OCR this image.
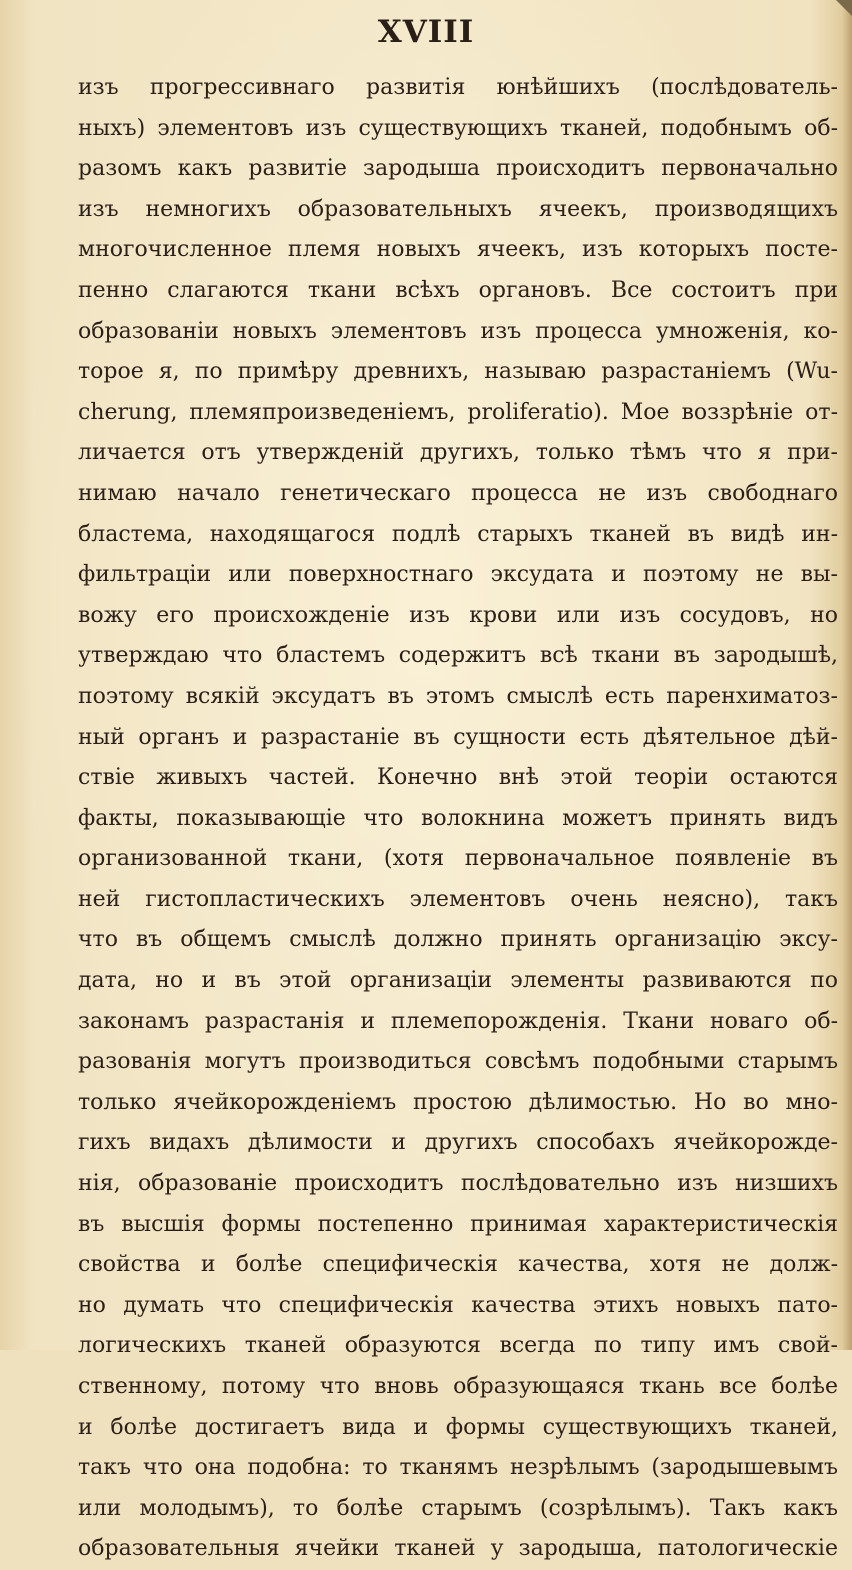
XVIII
изъ прогрессивнаго развитія юнѣйшихъ (послѣдователь-
ныхъ) элементовъ изъ существующихъ тканей, подобнымъ об-
разомъ какъ развитіе зародыша происходитъ первоначально
изъ немногихъ образовательныхъ ячеекъ, производящихъ
многочисленное племя новыхъ ячеекъ, изъ которыхъ посте-
пенно слагаются ткани всѣхъ органовъ. Все состоитъ при
образованіи новыхъ элементовъ изъ процесса умноженія, ко-
торое я, по примѣру древнихъ, называю разрастаніемъ (Wu-
cherung, племяпроизведеніемъ, proliferatio). Мое воззрѣніе от-
личается отъ утвержденій другихъ, только тѣмъ что я при-
нимаю начало генетическаго процесса не изъ свободнаго
бластема, находящагося подлѣ старыхъ тканей въ видѣ ин-
фильтраціи или поверхностнаго эксудата и поэтому не вы-
вожу его происхожденіе изъ крови или изъ сосудовъ, но
утверждаю что бластемъ содержитъ всѣ ткани въ зародышѣ,
поэтому всякій эксудатъ въ этомъ смыслѣ есть паренхиматоз-
ный органъ и разрастаніе въ сущности есть дѣятельное дѣй-
ствіе живыхъ частей. Конечно внѣ этой теоріи остаются
факты, показывающіе что волокнина можетъ принять видъ
организованной ткани, (хотя первоначальное появленіе въ
ней гистопластическихъ элементовъ очень неясно), такъ
что въ общемъ смыслѣ должно принять организацію эксу-
дата, но и въ этой организаціи элементы развиваются по
законамъ разрастанія и племепорожденія. Ткани новаго об-
разованія могутъ производиться совсѣмъ подобными старымъ
только ячейкорожденіемъ простою дѣлимостью. Но во мно-
гихъ видахъ дѣлимости и другихъ способахъ ячейкорожде-
нія, образованіе происходитъ послѣдовательно изъ низшихъ
въ высшія формы постепенно принимая характеристическія
свойства и болѣе специфическія качества, хотя не долж-
но думать что специфическія качества этихъ новыхъ пато-
логическихъ тканей образуются всегда по типу имъ свой-
ственному, потому что вновь образующаяся ткань все болѣе
и болѣе достигаетъ вида и формы существующихъ тканей,
такъ что она подобна: то тканямъ незрѣлымъ (зародышевымъ
или молодымъ), то болѣе старымъ (созрѣлымъ). Такъ какъ
образовательныя ячейки тканей у зародыша, патологическіе
